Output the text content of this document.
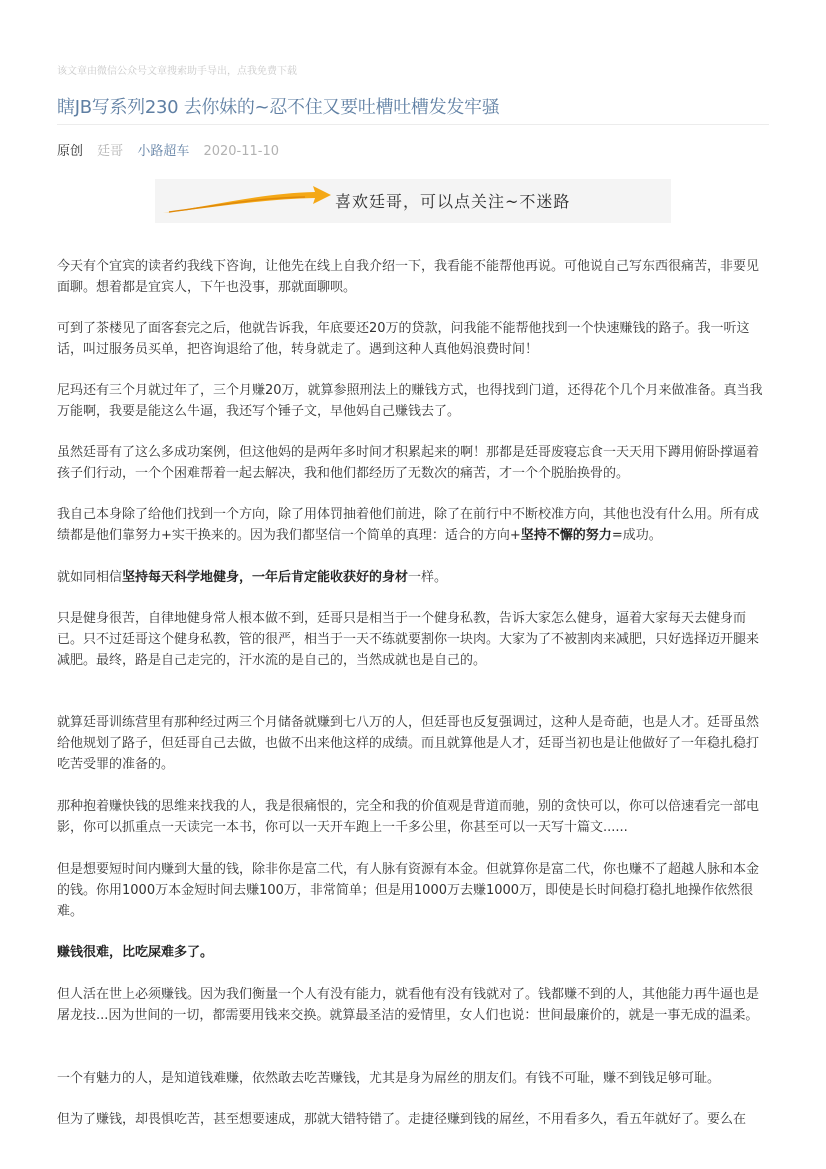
该文章由微信公众号文章搜索助手导出，点我免费下载
瞎JB写系列230 去你妹的~忍不住又要吐槽吐槽发发牢骚
原创 廷哥 小路超车 2020-11-10
喜欢廷哥，可以点关注~不迷路

今天有个宜宾的读者约我线下咨询，让他先在线上自我介绍一下，我看能不能帮他再说。可他说自己写东西很痛苦，非要见面聊。想着都是宜宾人，下午也没事，那就面聊呗。

可到了茶楼见了面客套完之后，他就告诉我，年底要还20万的贷款，问我能不能帮他找到一个快速赚钱的路子。我一听这话，叫过服务员买单，把咨询退给了他，转身就走了。遇到这种人真他妈浪费时间！

尼玛还有三个月就过年了，三个月赚20万，就算参照刑法上的赚钱方式，也得找到门道，还得花个几个月来做准备。真当我万能啊，我要是能这么牛逼，我还写个锤子文，早他妈自己赚钱去了。

虽然廷哥有了这么多成功案例，但这他妈的是两年多时间才积累起来的啊！那都是廷哥废寝忘食一天天用下蹲用俯卧撑逼着孩子们行动，一个个困难帮着一起去解决，我和他们都经历了无数次的痛苦，才一个个脱胎换骨的。

我自己本身除了给他们找到一个方向，除了用体罚抽着他们前进，除了在前行中不断校准方向，其他也没有什么用。所有成绩都是他们靠努力+实干换来的。因为我们都坚信一个简单的真理：适合的方向+坚持不懈的努力=成功。

就如同相信坚持每天科学地健身，一年后肯定能收获好的身材一样。

只是健身很苦，自律地健身常人根本做不到，廷哥只是相当于一个健身私教，告诉大家怎么健身，逼着大家每天去健身而已。只不过廷哥这个健身私教，管的很严，相当于一天不练就要割你一块肉。大家为了不被割肉来减肥，只好选择迈开腿来减肥。最终，路是自己走完的，汗水流的是自己的，当然成就也是自己的。

就算廷哥训练营里有那种经过两三个月储备就赚到七八万的人，但廷哥也反复强调过，这种人是奇葩，也是人才。廷哥虽然给他规划了路子，但廷哥自己去做，也做不出来他这样的成绩。而且就算他是人才，廷哥当初也是让他做好了一年稳扎稳打吃苦受罪的准备的。

那种抱着赚快钱的思维来找我的人，我是很痛恨的，完全和我的价值观是背道而驰，别的贪快可以，你可以倍速看完一部电影，你可以抓重点一天读完一本书，你可以一天开车跑上一千多公里，你甚至可以一天写十篇文......

但是想要短时间内赚到大量的钱，除非你是富二代，有人脉有资源有本金。但就算你是富二代，你也赚不了超越人脉和本金的钱。你用1000万本金短时间去赚100万，非常简单；但是用1000万去赚1000万，即使是长时间稳打稳扎地操作依然很难。

赚钱很难，比吃屎难多了。

但人活在世上必须赚钱。因为我们衡量一个人有没有能力，就看他有没有钱就对了。钱都赚不到的人，其他能力再牛逼也是屠龙技...因为世间的一切，都需要用钱来交换。就算最圣洁的爱情里，女人们也说：世间最廉价的，就是一事无成的温柔。

一个有魅力的人，是知道钱难赚，依然敢去吃苦赚钱，尤其是身为屌丝的朋友们。有钱不可耻，赚不到钱足够可耻。

但为了赚钱，却畏惧吃苦，甚至想要速成，那就大错特错了。走捷径赚到钱的屌丝，不用看多久，看五年就好了。要么在
